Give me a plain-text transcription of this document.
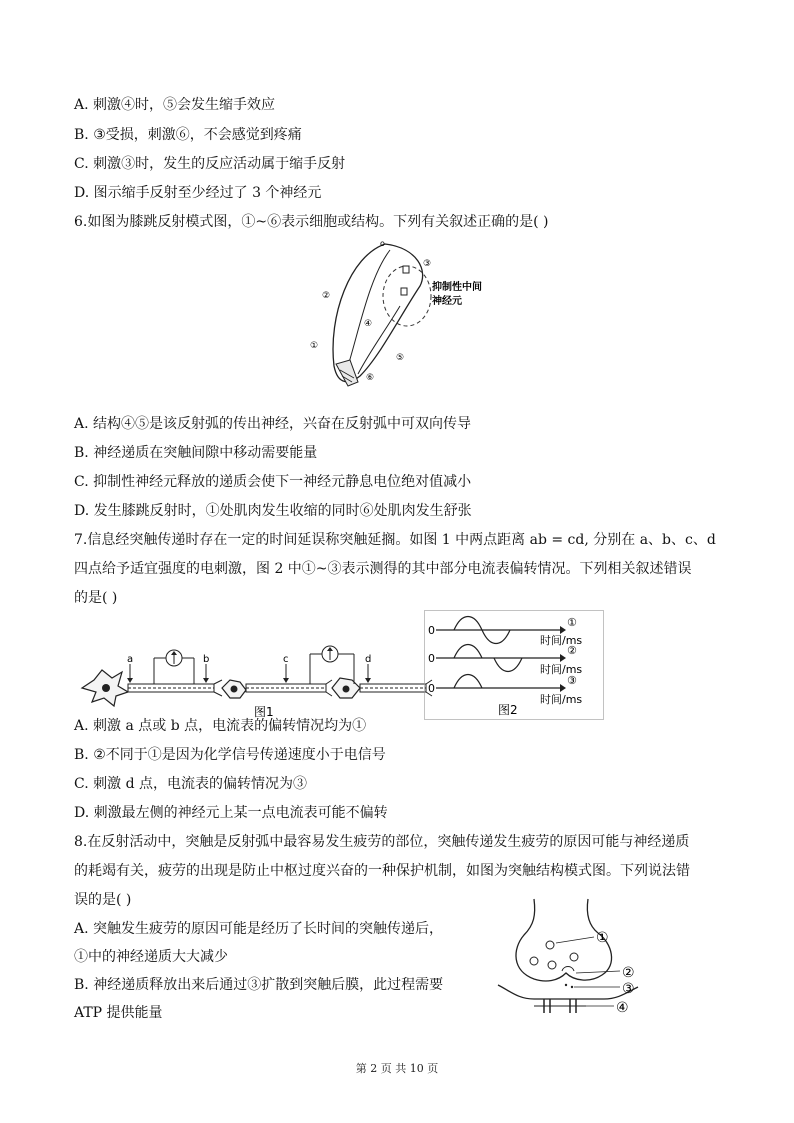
A. 刺激④时，⑤会发生缩手效应
B. ③受损，刺激⑥，不会感觉到疼痛
C. 刺激③时，发生的反应活动属于缩手反射
D. 图示缩手反射至少经过了 3 个神经元
6.如图为膝跳反射模式图，①~⑥表示细胞或结构。下列有关叙述正确的是( )
o
②
③
④
⑤
①
⑥
抑制性中间
神经元
A. 结构④⑤是该反射弧的传出神经，兴奋在反射弧中可双向传导
B. 神经递质在突触间隙中移动需要能量
C. 抑制性神经元释放的递质会使下一神经元静息电位绝对值减小
D. 发生膝跳反射时，①处肌肉发生收缩的同时⑥处肌肉发生舒张
7.信息经突触传递时存在一定的时间延误称突触延搁。如图 1 中两点距离 ab = cd, 分别在 a、b、c、d
四点给予适宜强度的电刺激，图 2 中①~③表示测得的其中部分电流表偏转情况。下列相关叙述错误
的是( )
a	b	c	d
图1
0
①
时间/ms
0
②
时间/ms
0
③
时间/ms
图2
A. 刺激 a 点或 b 点，电流表的偏转情况均为①
B. ②不同于①是因为化学信号传递速度小于电信号
C. 刺激 d 点，电流表的偏转情况为③
D. 刺激最左侧的神经元上某一点电流表可能不偏转
8.在反射活动中，突触是反射弧中最容易发生疲劳的部位，突触传递发生疲劳的原因可能与神经递质
的耗竭有关，疲劳的出现是防止中枢过度兴奋的一种保护机制，如图为突触结构模式图。下列说法错
误的是( )
A. 突触发生疲劳的原因可能是经历了长时间的突触传递后，
①中的神经递质大大减少
B. 神经递质释放出来后通过③扩散到突触后膜，此过程需要
ATP 提供能量
①
②
③
④
第 2 页 共 10 页
